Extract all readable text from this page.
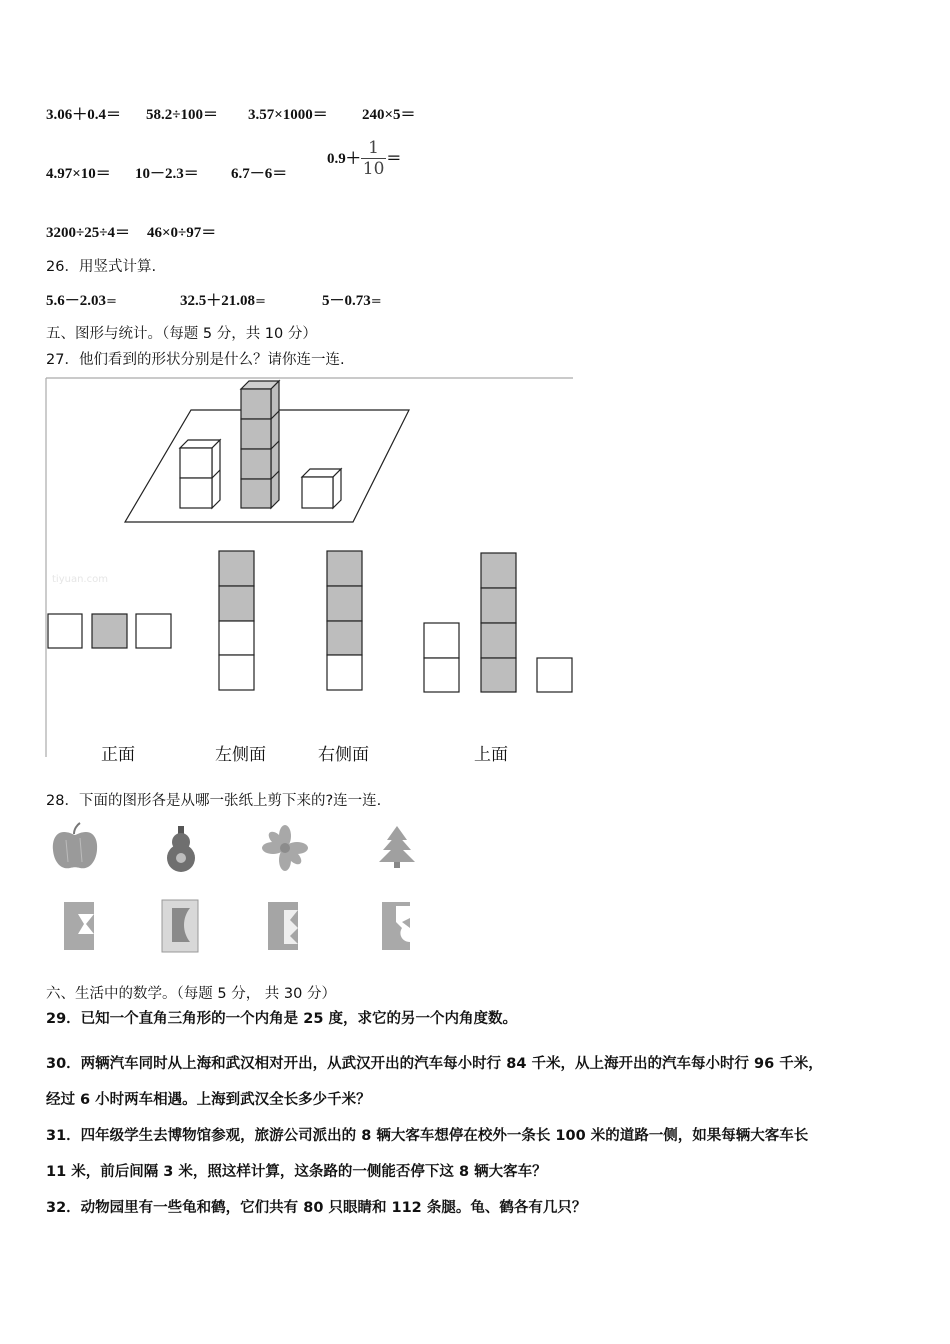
3.06＋0.4＝ 58.2÷100＝ 3.57×1000＝ 240×5＝
4.97×10＝ 10－2.3＝ 6.7－6＝
$0.9+ \frac{1}{10}$ ＝
3200÷25÷4＝ 46×0÷97＝
26．用竖式计算.
5.6－2.03＝	32.5＋21.08＝	5－0.73＝
五、图形与统计。（每题 5 分，共 10 分）
27．他们看到的形状分别是什么？请你连一连.
tiyuan.com
正面	左侧面	右侧面	上面
28．下面的图形各是从哪一张纸上剪下来的?连一连.
六、生活中的数学。（每题 5 分， 共 30 分）
29．已知一个直角三角形的一个内角是 25 度，求它的另一个内角度数。
30．两辆汽车同时从上海和武汉相对开出，从武汉开出的汽车每小时行 84 千米，从上海开出的汽车每小时行 96 千米，
经过 6 小时两车相遇。上海到武汉全长多少千米？
31．四年级学生去博物馆参观，旅游公司派出的 8 辆大客车想停在校外一条长 100 米的道路一侧，如果每辆大客车长
11 米，前后间隔 3 米，照这样计算，这条路的一侧能否停下这 8 辆大客车？
32．动物园里有一些龟和鹤，它们共有 80 只眼睛和 112 条腿。龟、鹤各有几只？
